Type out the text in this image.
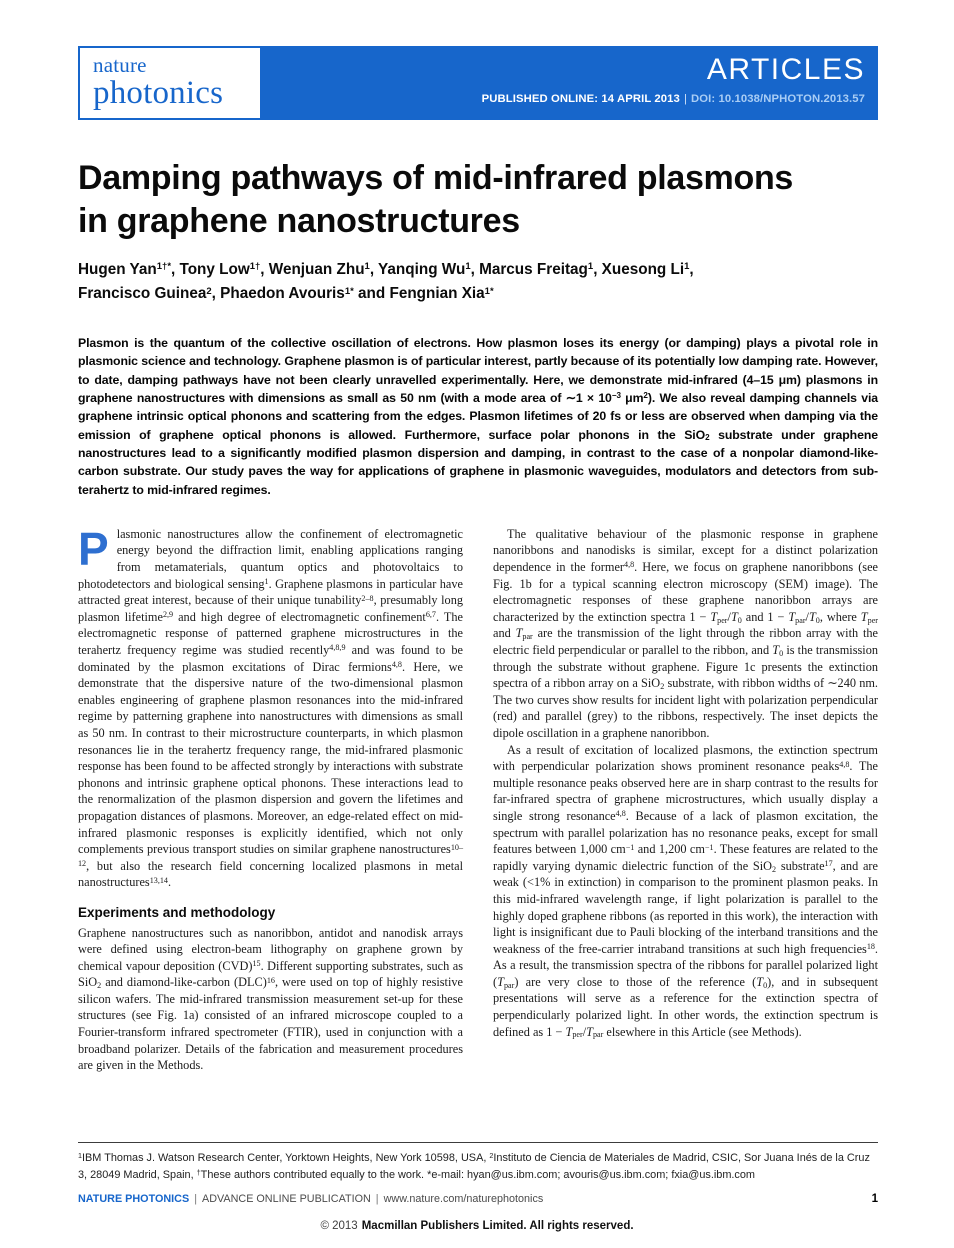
nature
photonics
ARTICLES
PUBLISHED ONLINE: 14 APRIL 2013 | DOI: 10.1038/NPHOTON.2013.57
Damping pathways of mid-infrared plasmons
in graphene nanostructures
Hugen Yan$^{1\dagger*}$, Tony Low$^{1\dagger}$, Wenjuan Zhu$^1$, Yanqing Wu$^1$, Marcus Freitag$^1$, Xuesong Li$^1$,
Francisco Guinea$^2$, Phaedon Avouris$^{1*}$ and Fengnian Xia$^{1*}$
Plasmon is the quantum of the collective oscillation of electrons. How plasmon loses its energy (or damping) plays a pivotal role in plasmonic science and technology. Graphene plasmon is of particular interest, partly because of its potentially low damping rate. However, to date, damping pathways have not been clearly unravelled experimentally. Here, we demonstrate mid-infrared (4–15 μm) plasmons in graphene nanostructures with dimensions as small as 50 nm (with a mode area of ∼1 × $10^{-3}$ $\mu m^2$). We also reveal damping channels via graphene intrinsic optical phonons and scattering from the edges. Plasmon lifetimes of 20 fs or less are observed when damping via the emission of graphene optical phonons is allowed. Furthermore, surface polar phonons in the SiO$_2$ substrate under graphene nanostructures lead to a significantly modified plasmon dispersion and damping, in contrast to the case of a nonpolar diamond-like-carbon substrate. Our study paves the way for applications of graphene in plasmonic waveguides, modulators and detectors from sub-terahertz to mid-infrared regimes.

Plasmonic nanostructures allow the confinement of electromagnetic energy beyond the diffraction limit, enabling applications ranging from metamaterials, quantum optics and photovoltaics to photodetectors and biological sensing$^1$. Graphene plasmons in particular have attracted great interest, because of their unique tunability$^{2-8}$, presumably long plasmon lifetime$^{2,9}$ and high degree of electromagnetic confinement$^{6,7}$. The electromagnetic response of patterned graphene microstructures in the terahertz frequency regime was studied recently$^{4,8,9}$ and was found to be dominated by the plasmon excitations of Dirac fermions$^{4,8}$. Here, we demonstrate that the dispersive nature of the two-dimensional plasmon enables engineering of graphene plasmon resonances into the mid-infrared regime by patterning graphene into nanostructures with dimensions as small as 50 nm. In contrast to their microstructure counterparts, in which plasmon resonances lie in the terahertz frequency range, the mid-infrared plasmonic response has been found to be affected strongly by interactions with substrate phonons and intrinsic graphene optical phonons. These interactions lead to the renormalization of the plasmon dispersion and govern the lifetimes and propagation distances of plasmons. Moreover, an edge-related effect on mid-infrared plasmonic responses is explicitly identified, which not only complements previous transport studies on similar graphene nanostructures$^{10-12}$, but also the research field concerning localized plasmons in metal nanostructures$^{13,14}$.

Experiments and methodology

Graphene nanostructures such as nanoribbon, antidot and nanodisk arrays were defined using electron-beam lithography on graphene grown by chemical vapour deposition (CVD)$^{15}$. Different supporting substrates, such as SiO$_2$ and diamond-like-carbon (DLC)$^{16}$, were used on top of highly resistive silicon wafers. The mid-infrared transmission measurement set-up for these structures (see Fig. 1a) consisted of an infrared microscope coupled to a Fourier-transform infrared spectrometer (FTIR), used in conjunction with a broadband polarizer. Details of the fabrication and measurement procedures are given in the Methods.

The qualitative behaviour of the plasmonic response in graphene nanoribbons and nanodisks is similar, except for a distinct polarization dependence in the former$^{4,8}$. Here, we focus on graphene nanoribbons (see Fig. 1b for a typical scanning electron microscopy (SEM) image). The electromagnetic responses of these graphene nanoribbon arrays are characterized by the extinction spectra $1 - T_{per}/T_0$ and $1 - T_{par}/T_0$, where $T_{per}$ and $T_{par}$ are the transmission of the light through the ribbon array with the electric field perpendicular or parallel to the ribbon, and $T_0$ is the transmission through the substrate without graphene. Figure 1c presents the extinction spectra of a ribbon array on a SiO$_2$ substrate, with ribbon widths of ∼240 nm. The two curves show results for incident light with polarization perpendicular (red) and parallel (grey) to the ribbons, respectively. The inset depicts the dipole oscillation in a graphene nanoribbon.

As a result of excitation of localized plasmons, the extinction spectrum with perpendicular polarization shows prominent resonance peaks$^{4,8}$. The multiple resonance peaks observed here are in sharp contrast to the results for far-infrared spectra of graphene microstructures, which usually display a single strong resonance$^{4,8}$. Because of a lack of plasmon excitation, the spectrum with parallel polarization has no resonance peaks, except for small features between 1,000 $cm^{-1}$ and 1,200 $cm^{-1}$. These features are related to the rapidly varying dynamic dielectric function of the SiO$_2$ substrate$^{17}$, and are weak (<1% in extinction) in comparison to the prominent plasmon peaks. In this mid-infrared wavelength range, if light polarization is parallel to the highly doped graphene ribbons (as reported in this work), the interaction with light is insignificant due to Pauli blocking of the interband transitions and the weakness of the free-carrier intraband transitions at such high frequencies$^{18}$. As a result, the transmission spectra of the ribbons for parallel polarized light $(T_{par})$ are very close to those of the reference $(T_0)$, and in subsequent presentations will serve as a reference for the extinction spectra of perpendicularly polarized light. In other words, the extinction spectrum is defined as $1 - T_{per}/T_{par}$ elsewhere in this Article (see Methods).

$^1$IBM Thomas J. Watson Research Center, Yorktown Heights, New York 10598, USA, $^2$Instituto de Ciencia de Materiales de Madrid, CSIC, Sor Juana Inés de la Cruz 3, 28049 Madrid, Spain, †These authors contributed equally to the work. *e-mail: hyan@us.ibm.com; avouris@us.ibm.com; fxia@us.ibm.com
NATURE PHOTONICS | ADVANCE ONLINE PUBLICATION | www.nature.com/naturephotonics	1
© 2013 Macmillan Publishers Limited. All rights reserved.
